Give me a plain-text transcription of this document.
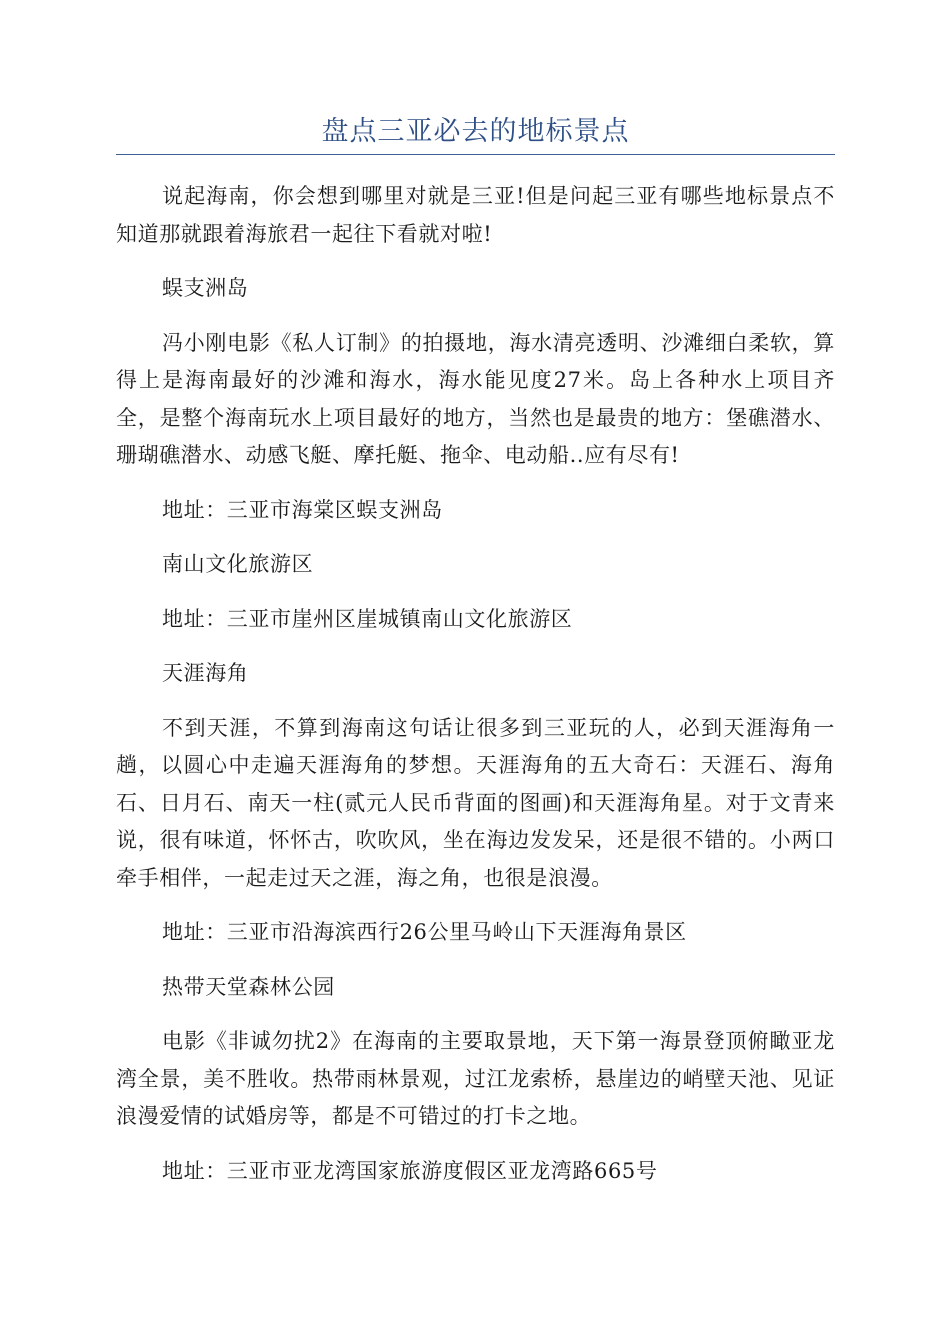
盘点三亚必去的地标景点

说起海南，你会想到哪里对就是三亚!但是问起三亚有哪些地标景点不知道那就跟着海旅君一起往下看就对啦!

蜈支洲岛

冯小刚电影《私人订制》的拍摄地，海水清亮透明、沙滩细白柔软，算得上是海南最好的沙滩和海水，海水能见度27米。岛上各种水上项目齐全，是整个海南玩水上项目最好的地方，当然也是最贵的地方：堡礁潜水、珊瑚礁潜水、动感飞艇、摩托艇、拖伞、电动船..应有尽有!

地址：三亚市海棠区蜈支洲岛

南山文化旅游区

地址：三亚市崖州区崖城镇南山文化旅游区

天涯海角

不到天涯，不算到海南这句话让很多到三亚玩的人，必到天涯海角一趟，以圆心中走遍天涯海角的梦想。天涯海角的五大奇石：天涯石、海角石、日月石、南天一柱(贰元人民币背面的图画)和天涯海角星。对于文青来说，很有味道，怀怀古，吹吹风，坐在海边发发呆，还是很不错的。小两口牵手相伴，一起走过天之涯，海之角，也很是浪漫。

地址：三亚市沿海滨西行26公里马岭山下天涯海角景区

热带天堂森林公园

电影《非诚勿扰2》在海南的主要取景地，天下第一海景登顶俯瞰亚龙湾全景，美不胜收。热带雨林景观，过江龙索桥，悬崖边的峭壁天池、见证浪漫爱情的试婚房等，都是不可错过的打卡之地。

地址：三亚市亚龙湾国家旅游度假区亚龙湾路665号
